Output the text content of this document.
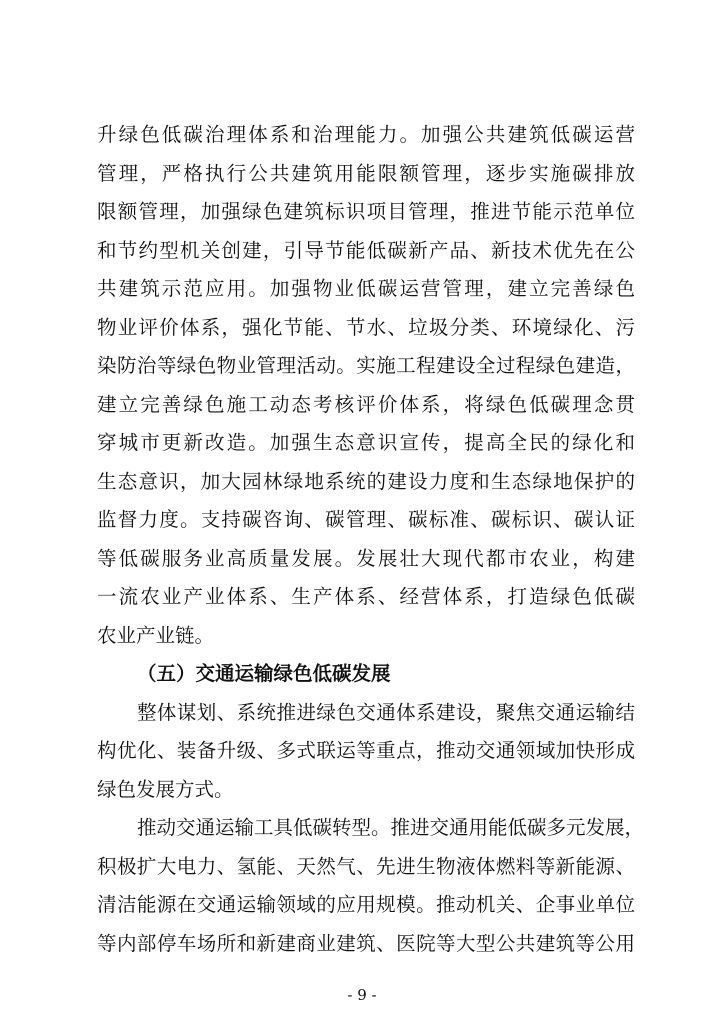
升绿色低碳治理体系和治理能力。加强公共建筑低碳运营
管理，严格执行公共建筑用能限额管理，逐步实施碳排放
限额管理，加强绿色建筑标识项目管理，推进节能示范单位
和节约型机关创建，引导节能低碳新产品、新技术优先在公
共建筑示范应用。加强物业低碳运营管理，建立完善绿色
物业评价体系，强化节能、节水、垃圾分类、环境绿化、污
染防治等绿色物业管理活动。实施工程建设全过程绿色建造，
建立完善绿色施工动态考核评价体系，将绿色低碳理念贯
穿城市更新改造。加强生态意识宣传，提高全民的绿化和
生态意识，加大园林绿地系统的建设力度和生态绿地保护的
监督力度。支持碳咨询、碳管理、碳标准、碳标识、碳认证
等低碳服务业高质量发展。发展壮大现代都市农业，构建
一流农业产业体系、生产体系、经营体系，打造绿色低碳
农业产业链。
（五）交通运输绿色低碳发展
整体谋划、系统推进绿色交通体系建设，聚焦交通运输结
构优化、装备升级、多式联运等重点，推动交通领域加快形成
绿色发展方式。
推动交通运输工具低碳转型。推进交通用能低碳多元发展，
积极扩大电力、氢能、天然气、先进生物液体燃料等新能源、
清洁能源在交通运输领域的应用规模。推动机关、企事业单位
等内部停车场所和新建商业建筑、医院等大型公共建筑等公用
- 9 -
